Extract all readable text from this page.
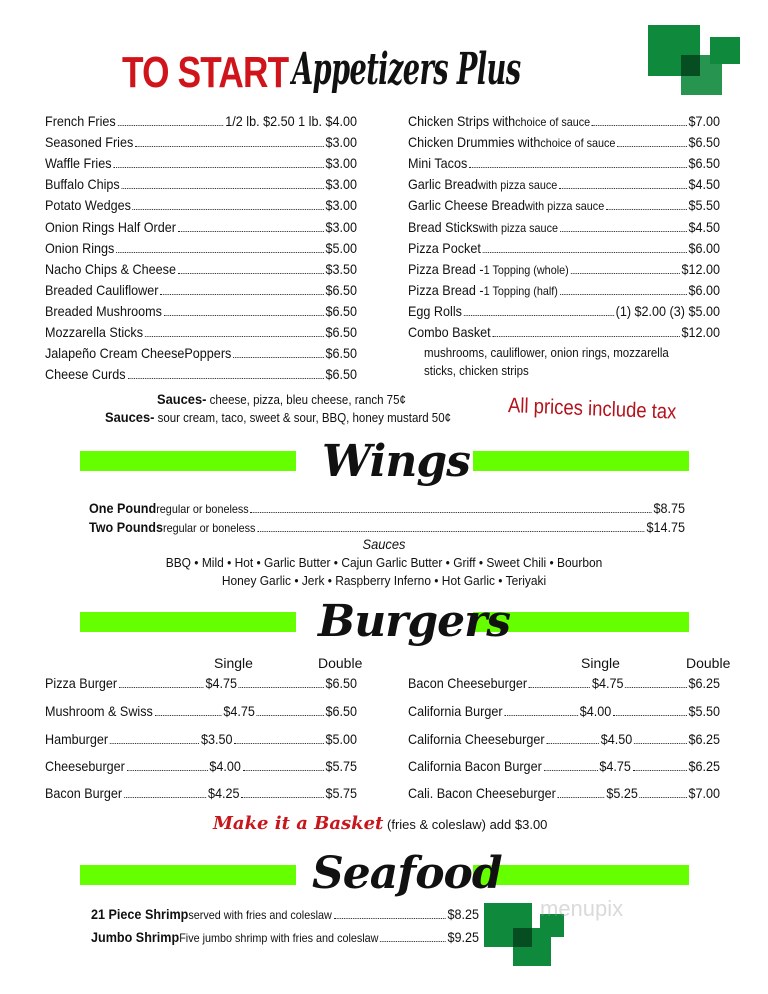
TO START Appetizers Plus
mushrooms, cauliflower, onion rings, mozzarella
sticks, chicken strips
Sauces- cheese, pizza, bleu cheese, ranch 75¢
Sauces- sour cream, taco, sweet & sour, BBQ, honey mustard 50¢	All prices include tax
Wings
Sauces
BBQ • Mild • Hot • Garlic Butter • Cajun Garlic Butter • Griff • Sweet Chili • Bourbon
Honey Garlic • Jerk • Raspberry Inferno • Hot Garlic • Teriyaki
Burgers
Single	Double	Single	Double
Make it a Basket (fries & coleslaw) add $3.00
Seafood
menupix
French Fries	1/2 lb. $2.50 1 lb. $4.00
Seasoned Fries	$3.00
Waffle Fries	$3.00
Buffalo Chips	$3.00
Potato Wedges	$3.00
Onion Rings Half Order	$3.00
Onion Rings	$5.00
Nacho Chips & Cheese	$3.50
Breaded Cauliflower	$6.50
Breaded Mushrooms	$6.50
Mozzarella Sticks	$6.50
Jalapeño Cream CheesePoppers	$6.50
Cheese Curds	$6.50
Chicken Strips with choice of sauce	$7.00
Chicken Drummies with choice of sauce	$6.50
Mini Tacos	$6.50
Garlic Bread with pizza sauce	$4.50
Garlic Cheese Bread with pizza sauce	$5.50
Bread Sticks with pizza sauce	$4.50
Pizza Pocket	$6.00
Pizza Bread - 1 Topping (whole)	$12.00
Pizza Bread - 1 Topping (half)	$6.00
Egg Rolls	(1) $2.00 (3) $5.00
Combo Basket	$12.00
One Pound regular or boneless	$8.75
Two Pounds regular or boneless	$14.75
21 Piece Shrimp served with fries and coleslaw	$8.25
Jumbo Shrimp Five jumbo shrimp with fries and coleslaw	$9.25
Pizza Burger	$4.75	$6.50
Mushroom & Swiss	$4.75	$6.50
Hamburger	$3.50	$5.00
Cheeseburger	$4.00	$5.75
Bacon Burger	$4.25	$5.75
Bacon Cheeseburger	$4.75	$6.25
California Burger	$4.00	$5.50
California Cheeseburger	$4.50	$6.25
California Bacon Burger	$4.75	$6.25
Cali. Bacon Cheeseburger	$5.25	$7.00
